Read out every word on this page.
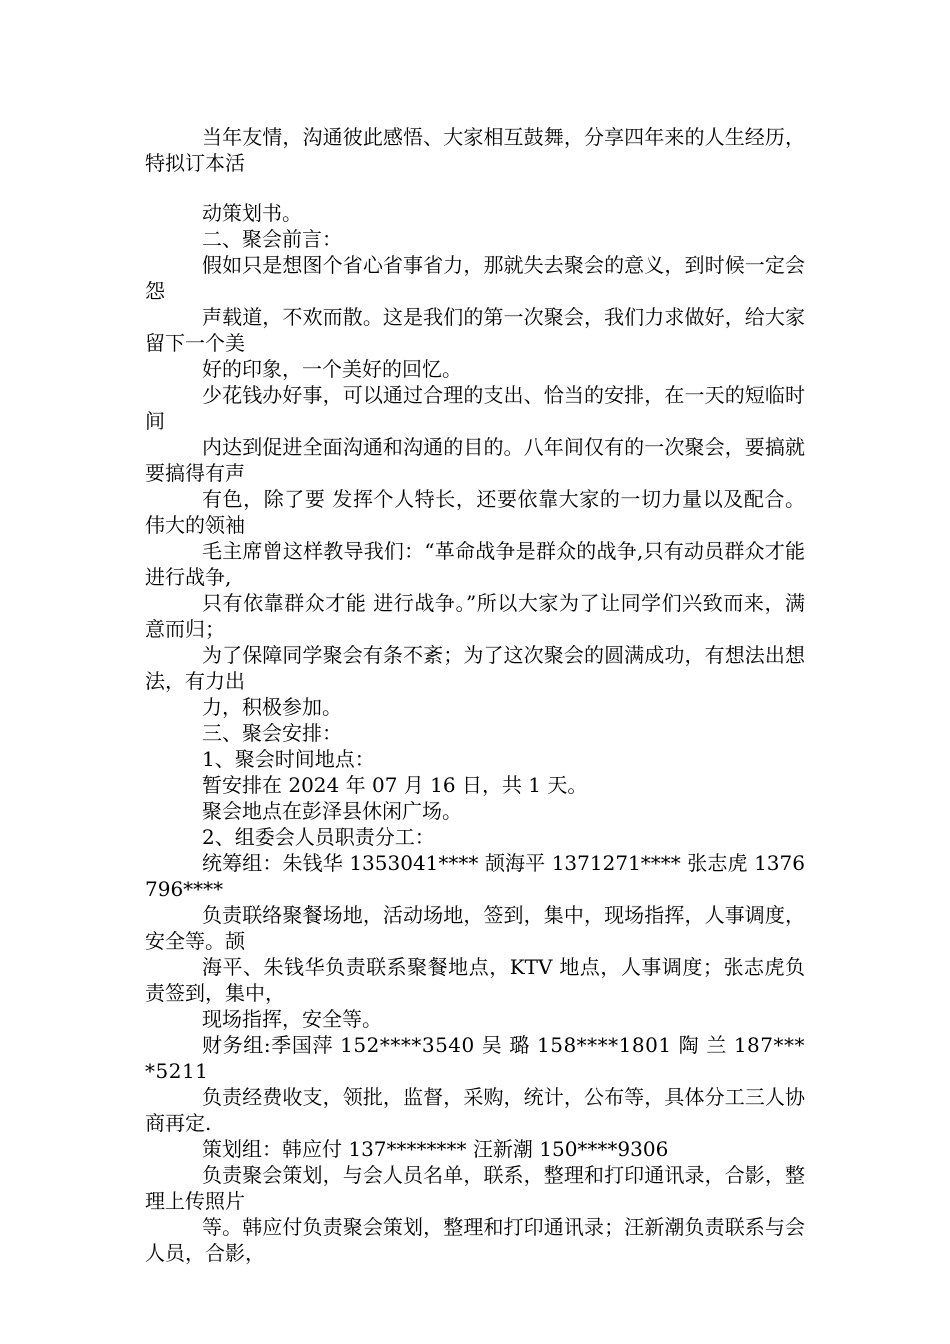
当年友情，沟通彼此感悟、大家相互鼓舞，分享四年来的人生经历，特拟订本活

动策划书。

二、聚会前言：

假如只是想图个省心省事省力，那就失去聚会的意义，到时候一定会怨

声载道，不欢而散。这是我们的第一次聚会，我们力求做好，给大家留下一个美

好的印象，一个美好的回忆。

少花钱办好事，可以通过合理的支出、恰当的安排，在一天的短临时间

内达到促进全面沟通和沟通的目的。八年间仅有的一次聚会，要搞就要搞得有声

有色，除了要 发挥个人特长，还要依靠大家的一切力量以及配合。伟大的领袖

毛主席曾这样教导我们：“革命战争是群众的战争,只有动员群众才能进行战争,

只有依靠群众才能 进行战争。”所以大家为了让同学们兴致而来，满意而归；

为了保障同学聚会有条不紊；为了这次聚会的圆满成功，有想法出想法，有力出

力，积极参加。

三、聚会安排：

1、聚会时间地点：

暂安排在 2024 年 07 月 16 日，共 1 天。

聚会地点在彭泽县休闲广场。

2、组委会人员职责分工：

统筹组：朱钱华 1353041**** 颉海平 1371271**** 张志虎 1376796****

负责联络聚餐场地，活动场地，签到，集中，现场指挥，人事调度，安全等。颉

海平、朱钱华负责联系聚餐地点，KTV 地点，人事调度；张志虎负责签到，集中，

现场指挥，安全等。

财务组:季国萍 152****3540 吴 璐 158****1801 陶 兰 187****5211

负责经费收支，领批，监督，采购，统计，公布等，具体分工三人协商再定.

策划组：韩应付 137******** 汪新潮 150****9306

负责聚会策划，与会人员名单，联系，整理和打印通讯录，合影，整理上传照片

等。韩应付负责聚会策划，整理和打印通讯录；汪新潮负责联系与会人员，合影，
